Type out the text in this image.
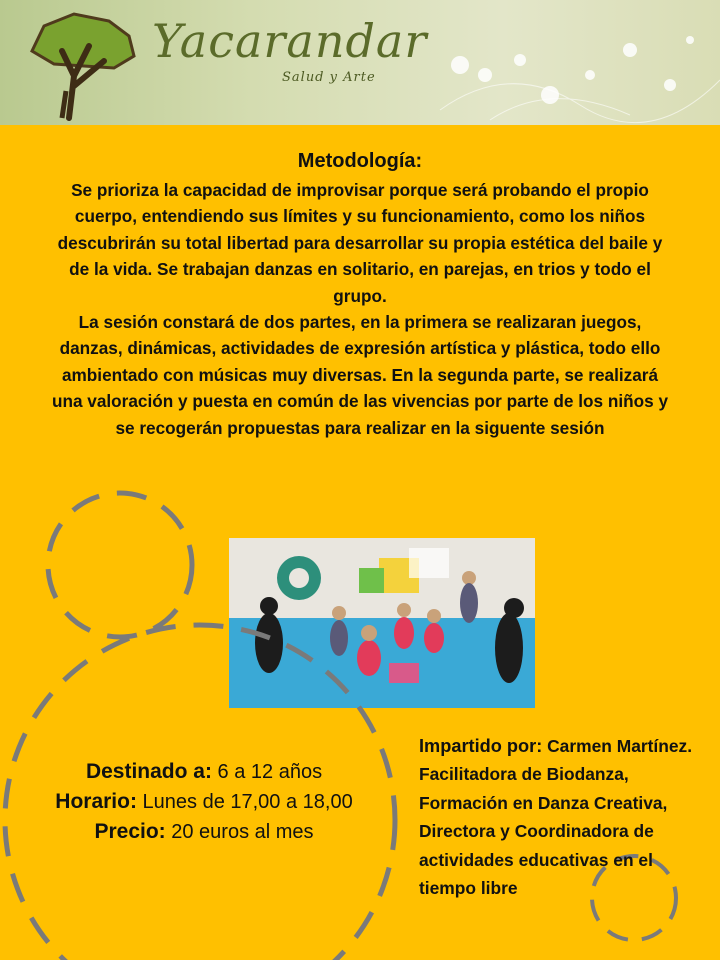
Yacarandar
Salud y Arte
Metodología:

Se prioriza la capacidad de improvisar porque será probando el propio cuerpo, entendiendo sus límites y su funcionamiento, como los niños descubrirán su total libertad para desarrollar su propia estética del baile y de la vida. Se trabajan danzas en solitario, en parejas, en trios y todo el grupo.

La sesión constará de dos partes, en la primera se realizaran juegos, danzas, dinámicas, actividades de expresión artística y plástica, todo ello ambientado con músicas muy diversas. En la segunda parte, se realizará una valoración y puesta en común de las vivencias por parte de los niños y se recogerán propuestas para realizar en la siguente sesión

Destinado a: 6 a 12 años
Horario: Lunes de 17,00 a 18,00
Precio: 20 euros al mes
Impartido por: Carmen Martínez. Facilitadora de Biodanza, Formación en Danza Creativa, Directora y Coordinadora de actividades educativas en el tiempo libre
